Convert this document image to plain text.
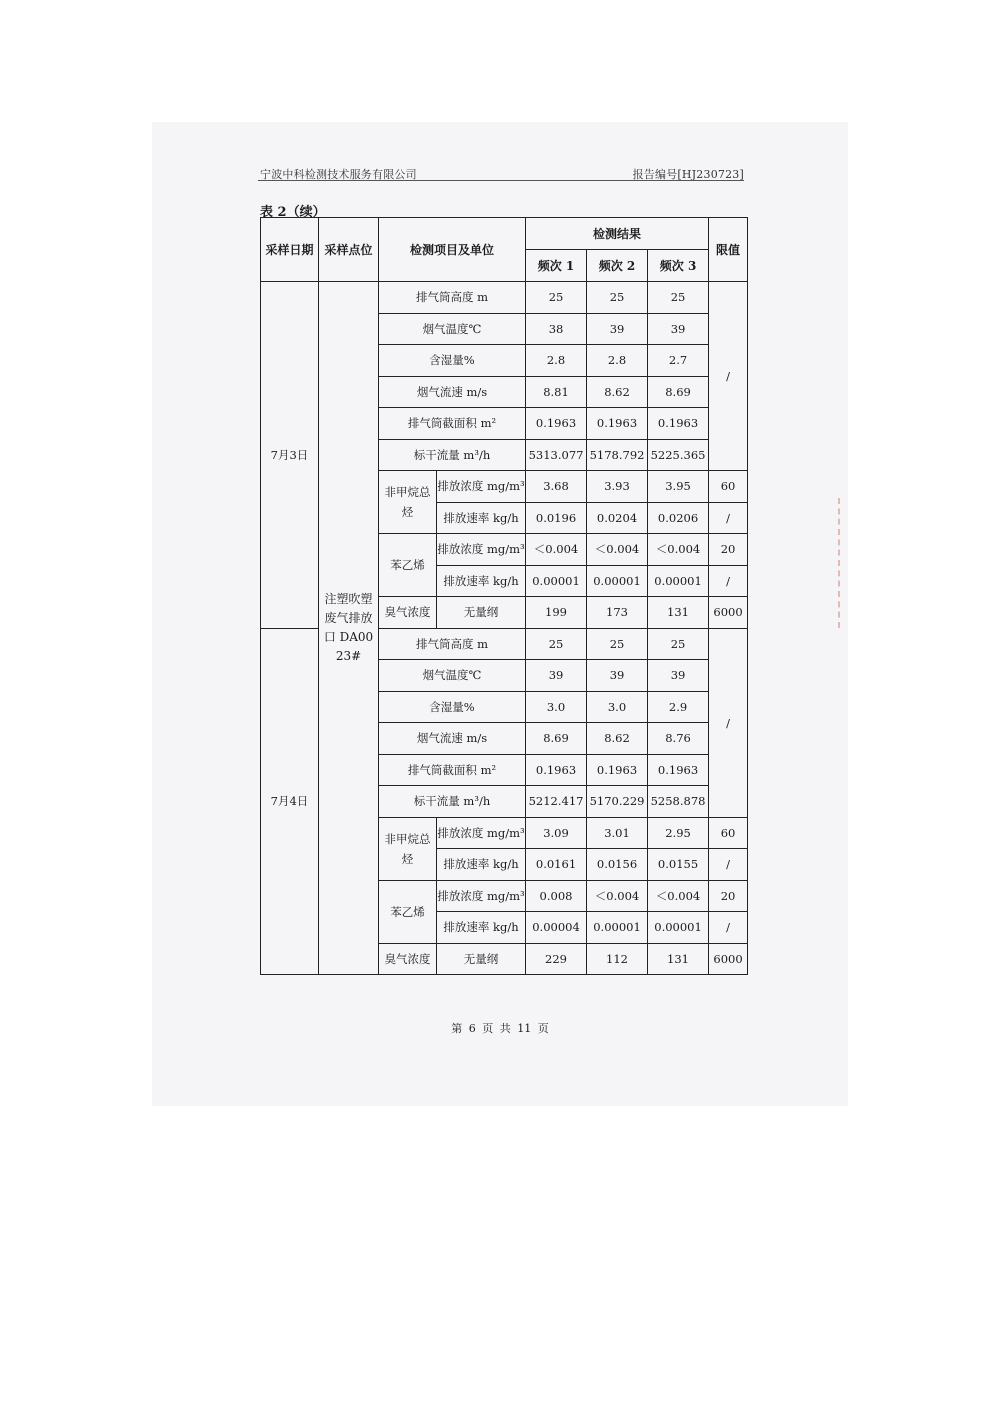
宁波中科检测技术服务有限公司	报告编号[HJ230723]
表 2（续）
采样日期	采样点位	检测项目及单位		检测结果			限值
				频次 1	频次 2	频次 3	
7月3日	注塑吹塑废气排放口 DA0023#	排气筒高度 m		25	25	25	/
		烟气温度℃		38	39	39	
		含湿量%		2.8	2.8	2.7	
		烟气流速 m/s		8.81	8.62	8.69	
		排气筒截面积 m²		0.1963	0.1963	0.1963	
		标干流量 m³/h		5313.077	5178.792	5225.365	
		非甲烷总烃	排放浓度 mg/m³	3.68	3.93	3.95	60
			排放速率 kg/h	0.0196	0.0204	0.0206	/
		苯乙烯	排放浓度 mg/m³	＜0.004	＜0.004	＜0.004	20
			排放速率 kg/h	0.00001	0.00001	0.00001	/
		臭气浓度	无量纲	199	173	131	6000
7月4日		排气筒高度 m		25	25	25	/
		烟气温度℃		39	39	39	
		含湿量%		3.0	3.0	2.9	
		烟气流速 m/s		8.69	8.62	8.76	
		排气筒截面积 m²		0.1963	0.1963	0.1963	
		标干流量 m³/h		5212.417	5170.229	5258.878	
		非甲烷总烃	排放浓度 mg/m³	3.09	3.01	2.95	60
			排放速率 kg/h	0.0161	0.0156	0.0155	/
		苯乙烯	排放浓度 mg/m³	0.008	＜0.004	＜0.004	20
			排放速率 kg/h	0.00004	0.00001	0.00001	/
		臭气浓度	无量纲	229	112	131	6000
第 6 页 共 11 页
